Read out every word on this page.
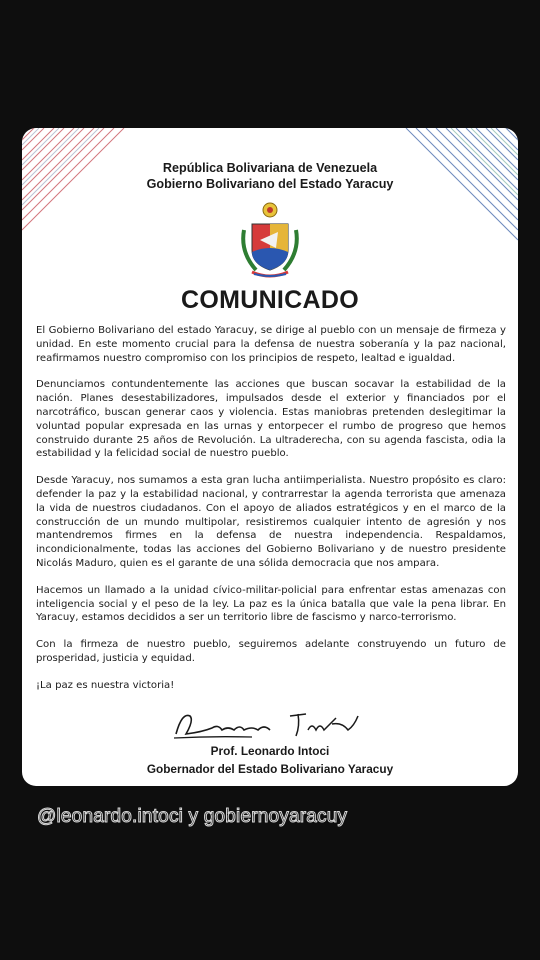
República Bolivariana de Venezuela
Gobierno Bolivariano del Estado Yaracuy
COMUNICADO

El Gobierno Bolivariano del estado Yaracuy, se dirige al pueblo con un mensaje de firmeza y unidad. En este momento crucial para la defensa de nuestra soberanía y la paz nacional, reafirmamos nuestro compromiso con los principios de respeto, lealtad e igualdad.

Denunciamos contundentemente las acciones que buscan socavar la estabilidad de la nación. Planes desestabilizadores, impulsados desde el exterior y financiados por el narcotráfico, buscan generar caos y violencia. Estas maniobras pretenden deslegitimar la voluntad popular expresada en las urnas y entorpecer el rumbo de progreso que hemos construido durante 25 años de Revolución. La ultraderecha, con su agenda fascista, odia la estabilidad y la felicidad social de nuestro pueblo.

Desde Yaracuy, nos sumamos a esta gran lucha antiimperialista. Nuestro propósito es claro: defender la paz y la estabilidad nacional, y contrarrestar la agenda terrorista que amenaza la vida de nuestros ciudadanos. Con el apoyo de aliados estratégicos y en el marco de la construcción de un mundo multipolar, resistiremos cualquier intento de agresión y nos mantendremos firmes en la defensa de nuestra independencia. Respaldamos, incondicionalmente, todas las acciones del Gobierno Bolivariano y de nuestro presidente Nicolás Maduro, quien es el garante de una sólida democracia que nos ampara.

Hacemos un llamado a la unidad cívico-militar-policial para enfrentar estas amenazas con inteligencia social y el peso de la ley. La paz es la única batalla que vale la pena librar. En Yaracuy, estamos decididos a ser un territorio libre de fascismo y narco-terrorismo.

Con la firmeza de nuestro pueblo, seguiremos adelante construyendo un futuro de prosperidad, justicia y equidad.

¡La paz es nuestra victoria!

Prof. Leonardo Intoci
Gobernador del Estado Bolivariano Yaracuy
@leonardo.intoci y gobiernoyaracuy
